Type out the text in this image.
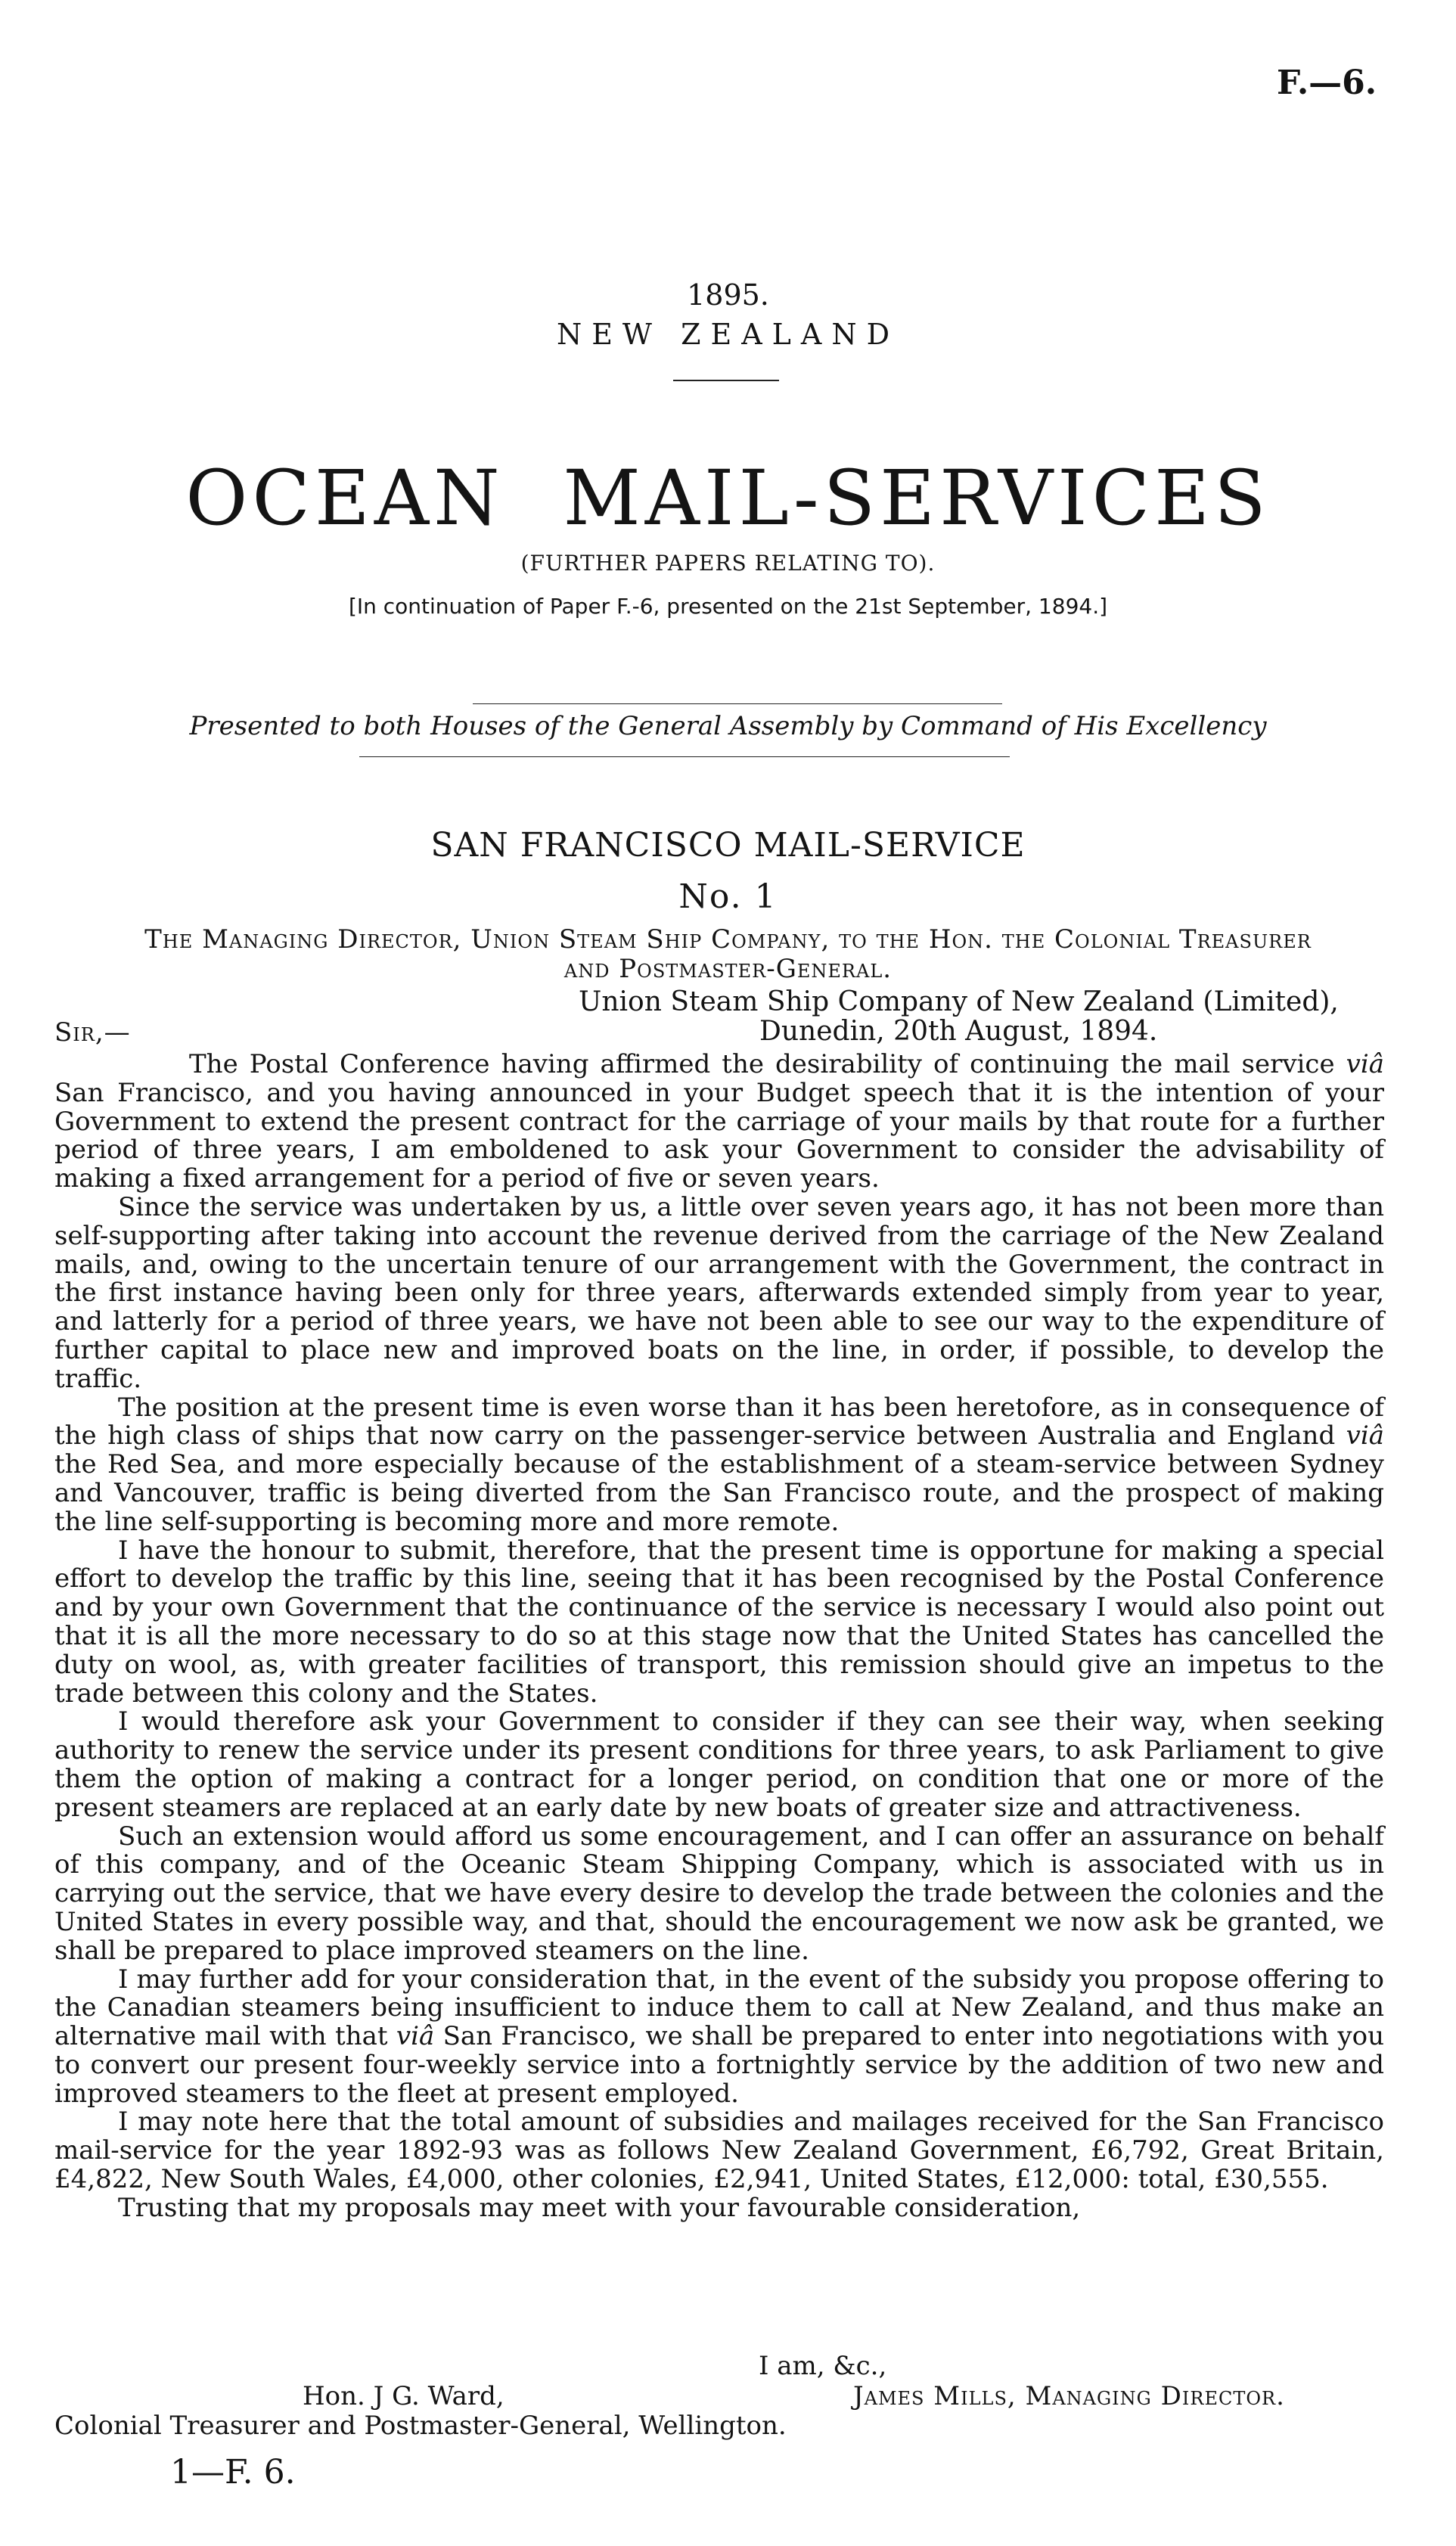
F.—6.
1895.
NEW ZEALAND
OCEAN MAIL-SERVICES
(FURTHER PAPERS RELATING TO).
[In continuation of Paper F.-6, presented on the 21st September, 1894.]
Presented to both Houses of the General Assembly by Command of His Excellency
SAN FRANCISCO MAIL-SERVICE
No. 1
The Managing Director, Union Steam Ship Company, to the Hon. the Colonial Treasurer
and Postmaster-General.
Union Steam Ship Company of New Zealand (Limited),
Dunedin, 20th August, 1894.
Sir,—

The Postal Conference having affirmed the desirability of continuing the mail service viâ San Francisco, and you having announced in your Budget speech that it is the intention of your Government to extend the present contract for the carriage of your mails by that route for a further period of three years, I am emboldened to ask your Government to consider the advisability of making a fixed arrangement for a period of five or seven years.

Since the service was undertaken by us, a little over seven years ago, it has not been more than self-supporting after taking into account the revenue derived from the carriage of the New Zealand mails, and, owing to the uncertain tenure of our arrangement with the Government, the contract in the first instance having been only for three years, afterwards extended simply from year to year, and latterly for a period of three years, we have not been able to see our way to the expenditure of further capital to place new and improved boats on the line, in order, if possible, to develop the traffic.

The position at the present time is even worse than it has been heretofore, as in consequence of the high class of ships that now carry on the passenger-service between Australia and England viâ the Red Sea, and more especially because of the establishment of a steam-service between Sydney and Vancouver, traffic is being diverted from the San Francisco route, and the prospect of making the line self-supporting is becoming more and more remote.

I have the honour to submit, therefore, that the present time is opportune for making a special effort to develop the traffic by this line, seeing that it has been recognised by the Postal Conference and by your own Government that the continuance of the service is necessary I would also point out that it is all the more necessary to do so at this stage now that the United States has cancelled the duty on wool, as, with greater facilities of transport, this remission should give an impetus to the trade between this colony and the States.

I would therefore ask your Government to consider if they can see their way, when seeking authority to renew the service under its present conditions for three years, to ask Parliament to give them the option of making a contract for a longer period, on condition that one or more of the present steamers are replaced at an early date by new boats of greater size and attractiveness.

Such an extension would afford us some encouragement, and I can offer an assurance on behalf of this company, and of the Oceanic Steam Shipping Company, which is associated with us in carrying out the service, that we have every desire to develop the trade between the colonies and the United States in every possible way, and that, should the encouragement we now ask be granted, we shall be prepared to place improved steamers on the line.

I may further add for your consideration that, in the event of the subsidy you propose offering to the Canadian steamers being insufficient to induce them to call at New Zealand, and thus make an alternative mail with that viâ San Francisco, we shall be prepared to enter into negotiations with you to convert our present four-weekly service into a fortnightly service by the addition of two new and improved steamers to the fleet at present employed.

I may note here that the total amount of subsidies and mailages received for the San Francisco mail-service for the year 1892-93 was as follows New Zealand Government, £6,792, Great Britain, £4,822, New South Wales, £4,000, other colonies, £2,941, United States, £12,000: total, £30,555.

Trusting that my proposals may meet with your favourable consideration,

I am, &c.,
Hon. J G. Ward,	James Mills, Managing Director.
Colonial Treasurer and Postmaster-General, Wellington.
1—F. 6.
